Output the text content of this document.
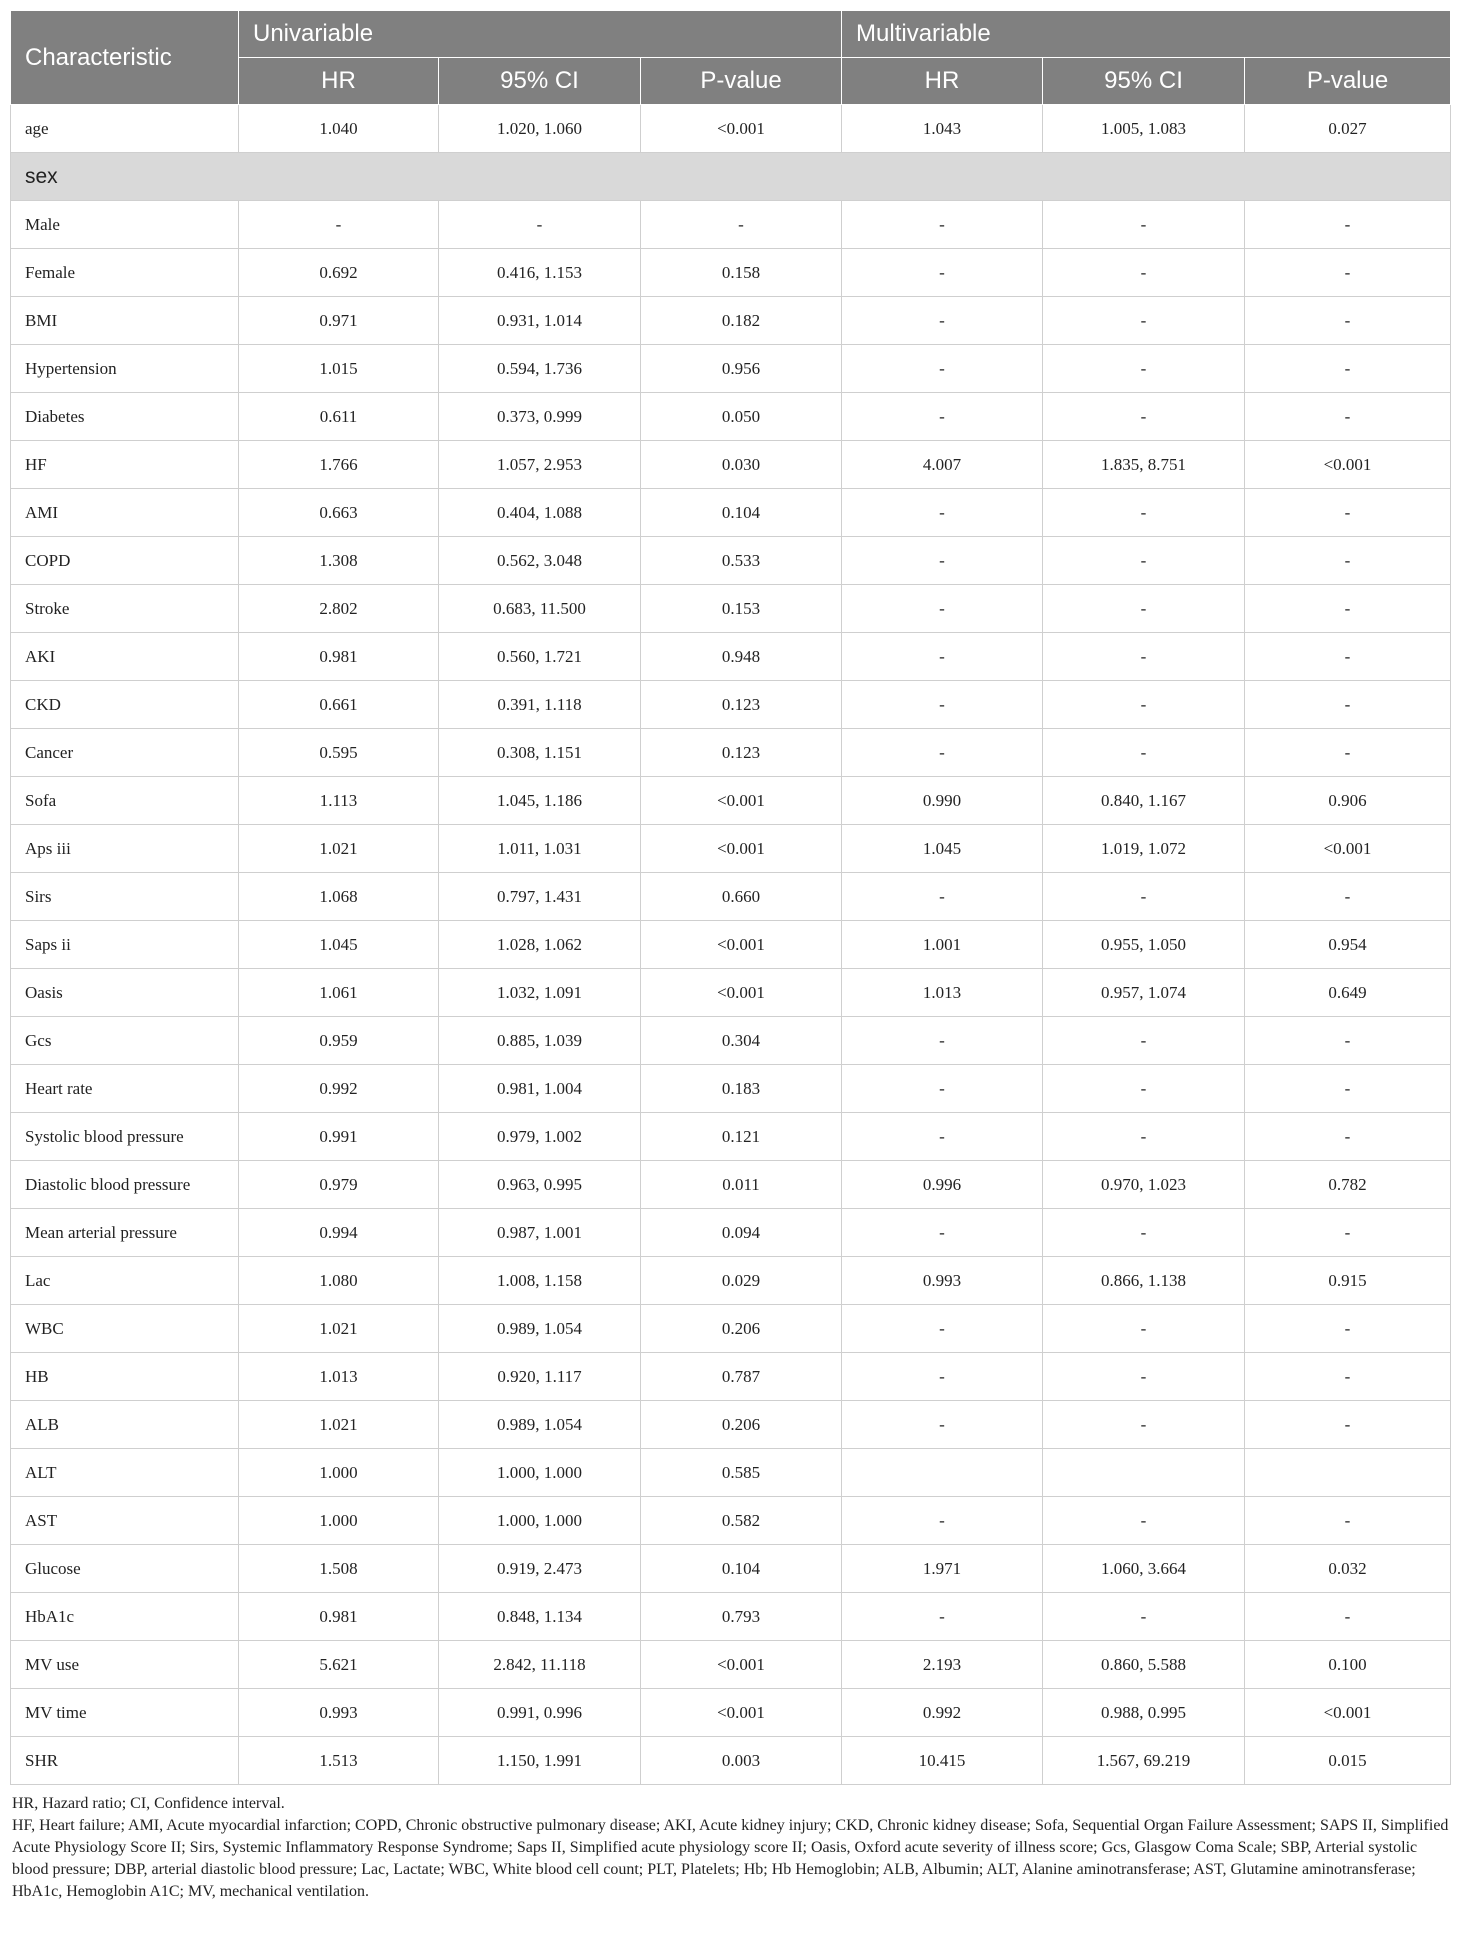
Characteristic	Univariable			Multivariable		
	HR	95% CI	P-value	HR	95% CI	P-value
age	1.040	1.020, 1.060	<0.001	1.043	1.005, 1.083	0.027
sex						
Male	-	-	-	-	-	-
Female	0.692	0.416, 1.153	0.158	-	-	-
BMI	0.971	0.931, 1.014	0.182	-	-	-
Hypertension	1.015	0.594, 1.736	0.956	-	-	-
Diabetes	0.611	0.373, 0.999	0.050	-	-	-
HF	1.766	1.057, 2.953	0.030	4.007	1.835, 8.751	<0.001
AMI	0.663	0.404, 1.088	0.104	-	-	-
COPD	1.308	0.562, 3.048	0.533	-	-	-
Stroke	2.802	0.683, 11.500	0.153	-	-	-
AKI	0.981	0.560, 1.721	0.948	-	-	-
CKD	0.661	0.391, 1.118	0.123	-	-	-
Cancer	0.595	0.308, 1.151	0.123	-	-	-
Sofa	1.113	1.045, 1.186	<0.001	0.990	0.840, 1.167	0.906
Aps iii	1.021	1.011, 1.031	<0.001	1.045	1.019, 1.072	<0.001
Sirs	1.068	0.797, 1.431	0.660	-	-	-
Saps ii	1.045	1.028, 1.062	<0.001	1.001	0.955, 1.050	0.954
Oasis	1.061	1.032, 1.091	<0.001	1.013	0.957, 1.074	0.649
Gcs	0.959	0.885, 1.039	0.304	-	-	-
Heart rate	0.992	0.981, 1.004	0.183	-	-	-
Systolic blood pressure	0.991	0.979, 1.002	0.121	-	-	-
Diastolic blood pressure	0.979	0.963, 0.995	0.011	0.996	0.970, 1.023	0.782
Mean arterial pressure	0.994	0.987, 1.001	0.094	-	-	-
Lac	1.080	1.008, 1.158	0.029	0.993	0.866, 1.138	0.915
WBC	1.021	0.989, 1.054	0.206	-	-	-
HB	1.013	0.920, 1.117	0.787	-	-	-
ALB	1.021	0.989, 1.054	0.206	-	-	-
ALT	1.000	1.000, 1.000	0.585			
AST	1.000	1.000, 1.000	0.582	-	-	-
Glucose	1.508	0.919, 2.473	0.104	1.971	1.060, 3.664	0.032
HbA1c	0.981	0.848, 1.134	0.793	-	-	-
MV use	5.621	2.842, 11.118	<0.001	2.193	0.860, 5.588	0.100
MV time	0.993	0.991, 0.996	<0.001	0.992	0.988, 0.995	<0.001
SHR	1.513	1.150, 1.991	0.003	10.415	1.567, 69.219	0.015

HR, Hazard ratio; CI, Confidence interval.

HF, Heart failure; AMI, Acute myocardial infarction; COPD, Chronic obstructive pulmonary disease; AKI, Acute kidney injury; CKD, Chronic kidney disease; Sofa, Sequential Organ Failure Assessment; SAPS II, Simplified Acute Physiology Score II; Sirs, Systemic Inflammatory Response Syndrome; Saps II, Simplified acute physiology score II; Oasis, Oxford acute severity of illness score; Gcs, Glasgow Coma Scale; SBP, Arterial systolic blood pressure; DBP, arterial diastolic blood pressure; Lac, Lactate; WBC, White blood cell count; PLT, Platelets; Hb; Hb Hemoglobin; ALB, Albumin; ALT, Alanine aminotransferase; AST, Glutamine aminotransferase; HbA1c, Hemoglobin A1C; MV, mechanical ventilation.
